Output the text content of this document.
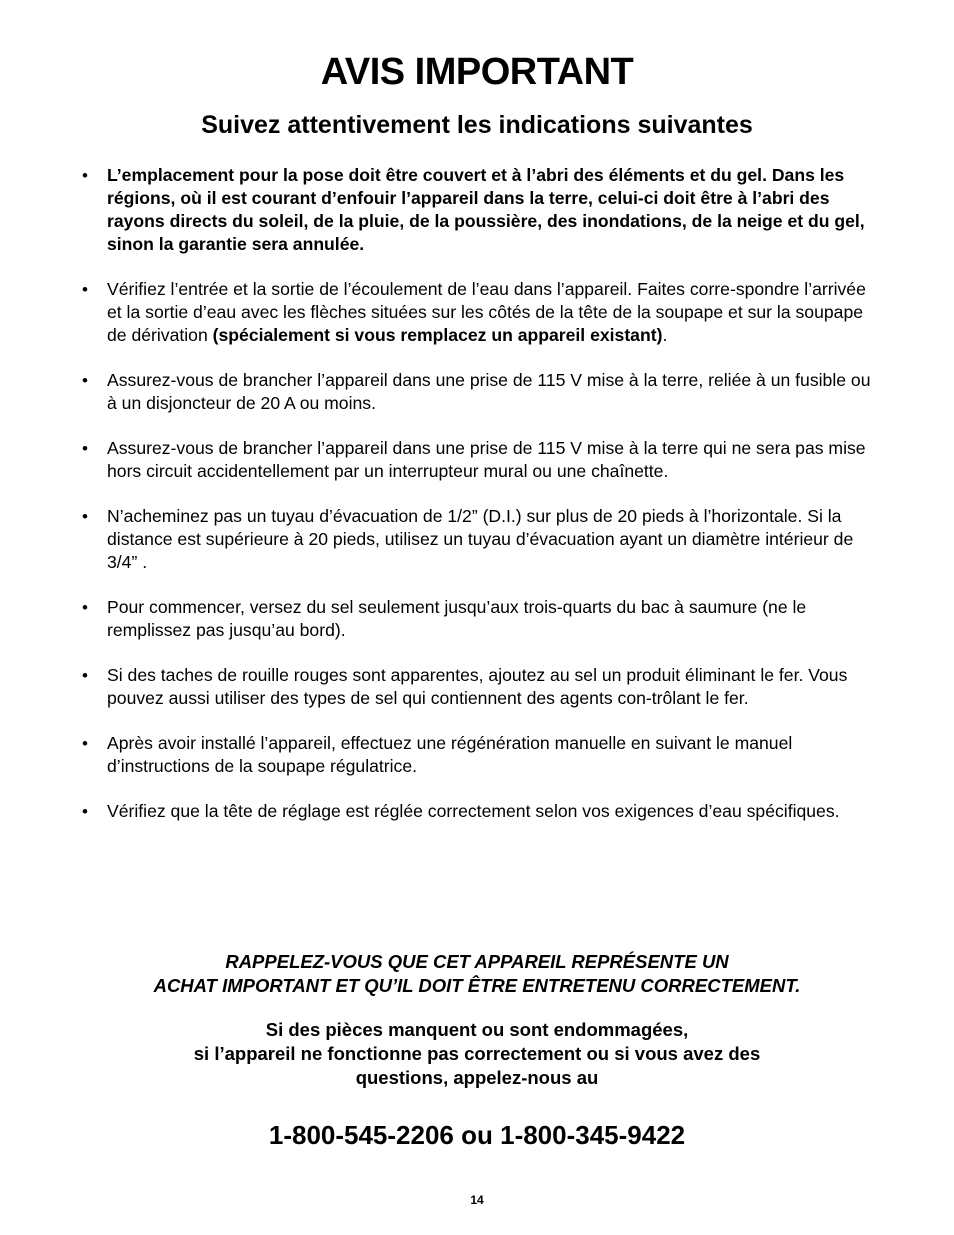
AVIS IMPORTANT
Suivez attentivement les indications suivantes
• L’emplacement pour la pose doit être couvert et à l’abri des éléments et du gel. Dans les régions, où il est courant d’enfouir l’appareil dans la terre, celui-ci doit être à l’abri des rayons directs du soleil, de la pluie, de la poussière, des inondations, de la neige et du gel, sinon la garantie sera annulée.
• Vérifiez l’entrée et la sortie de l’écoulement de l’eau dans l’appareil. Faites corre-spondre l’arrivée et la sortie d’eau avec les flèches situées sur les côtés de la tête de la soupape et sur la soupape de dérivation (spécialement si vous remplacez un appareil existant).
• Assurez-vous de brancher l’appareil dans une prise de 115 V mise à la terre, reliée à un fusible ou à un disjoncteur de 20 A ou moins.
• Assurez-vous de brancher l’appareil dans une prise de 115 V mise à la terre qui ne sera pas mise hors circuit accidentellement par un interrupteur mural ou une chaînette.
• N’acheminez pas un tuyau d’évacuation de 1/2” (D.I.) sur plus de 20 pieds à l’horizontale. Si la distance est supérieure à 20 pieds, utilisez un tuyau d’évacuation ayant un diamètre intérieur de 3/4” .
• Pour commencer, versez du sel seulement jusqu’aux trois-quarts du bac à saumure (ne le remplissez pas jusqu’au bord).
• Si des taches de rouille rouges sont apparentes, ajoutez au sel un produit éliminant le fer. Vous pouvez aussi utiliser des types de sel qui contiennent des agents con-trôlant le fer.
• Après avoir installé l’appareil, effectuez une régénération manuelle en suivant le manuel d’instructions de la soupape régulatrice.
• Vérifiez que la tête de réglage est réglée correctement selon vos exigences d’eau spécifiques.
RAPPELEZ-VOUS QUE CET APPAREIL REPRÉSENTE UN
ACHAT IMPORTANT ET QU’IL DOIT ÊTRE ENTRETENU CORRECTEMENT.
Si des pièces manquent ou sont endommagées,
si l’appareil ne fonctionne pas correctement ou si vous avez des
questions, appelez-nous au
1-800-545-2206 ou 1-800-345-9422
14
